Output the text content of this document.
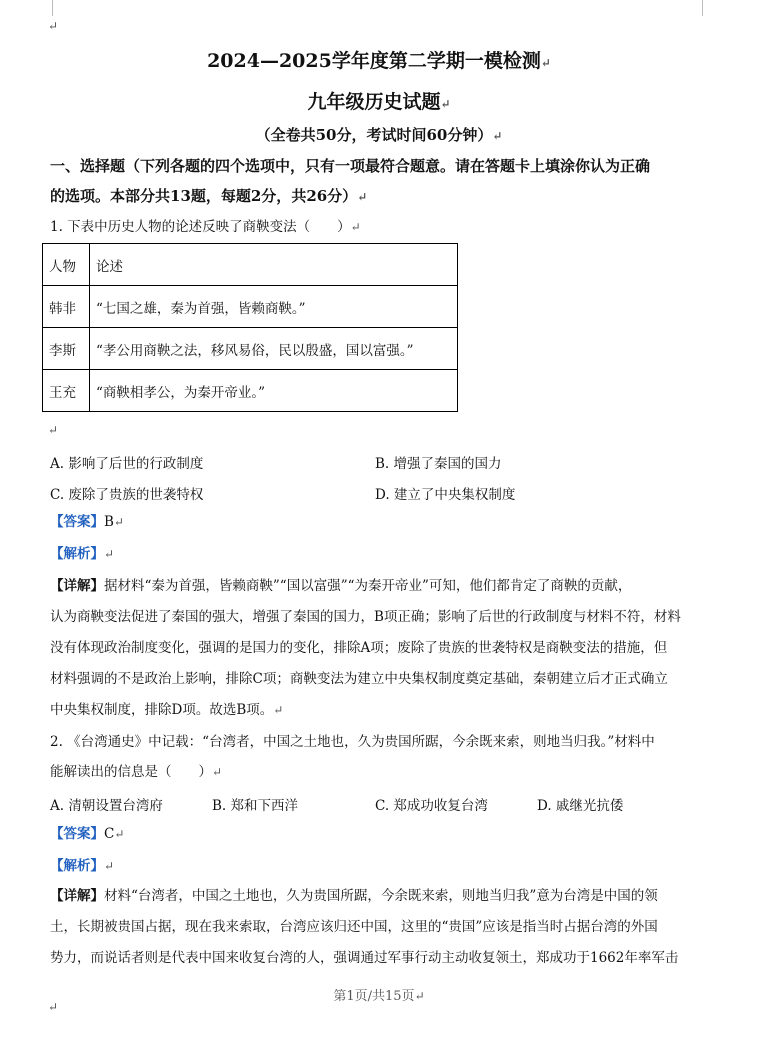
↵
↵
2024—2025学年度第二学期一模检测↵
九年级历史试题↵
（全卷共50分，考试时间60分钟）↵
一、选择题（下列各题的四个选项中，只有一项最符合题意。请在答题卡上填涂你认为正确
的选项。本部分共13题，每题2分，共26分）↵
1. 下表中历史人物的论述反映了商鞅变法（　　）↵
人物	论述
韩非	“七国之雄，秦为首强，皆赖商鞅。”
李斯	“孝公用商鞅之法，移风易俗，民以殷盛，国以富强。”
王充	“商鞅相孝公，为秦开帝业。”
↵
A. 影响了后世的行政制度	B. 增强了秦国的国力
C. 废除了贵族的世袭特权	D. 建立了中央集权制度
【答案】B↵
【解析】↵
【详解】据材料“秦为首强，皆赖商鞅”“国以富强”“为秦开帝业”可知，他们都肯定了商鞅的贡献，
认为商鞅变法促进了秦国的强大，增强了秦国的国力，B项正确；影响了后世的行政制度与材料不符，材料
没有体现政治制度变化，强调的是国力的变化，排除A项；废除了贵族的世袭特权是商鞅变法的措施，但
材料强调的不是政治上影响，排除C项；商鞅变法为建立中央集权制度奠定基础，秦朝建立后才正式确立
中央集权制度，排除D项。故选B项。↵
2. 《台湾通史》中记载：“台湾者，中国之土地也，久为贵国所踞，今余既来索，则地当归我。”材料中
能解读出的信息是（　　）↵
A. 清朝设置台湾府	B. 郑和下西洋	C. 郑成功收复台湾	D. 戚继光抗倭
【答案】C↵
【解析】↵
【详解】材料“台湾者，中国之土地也，久为贵国所踞，今余既来索，则地当归我”意为台湾是中国的领
土，长期被贵国占据，现在我来索取，台湾应该归还中国，这里的“贵国”应该是指当时占据台湾的外国
势力，而说话者则是代表中国来收复台湾的人，强调通过军事行动主动收复领土，郑成功于1662年率军击
第1页/共15页↵
